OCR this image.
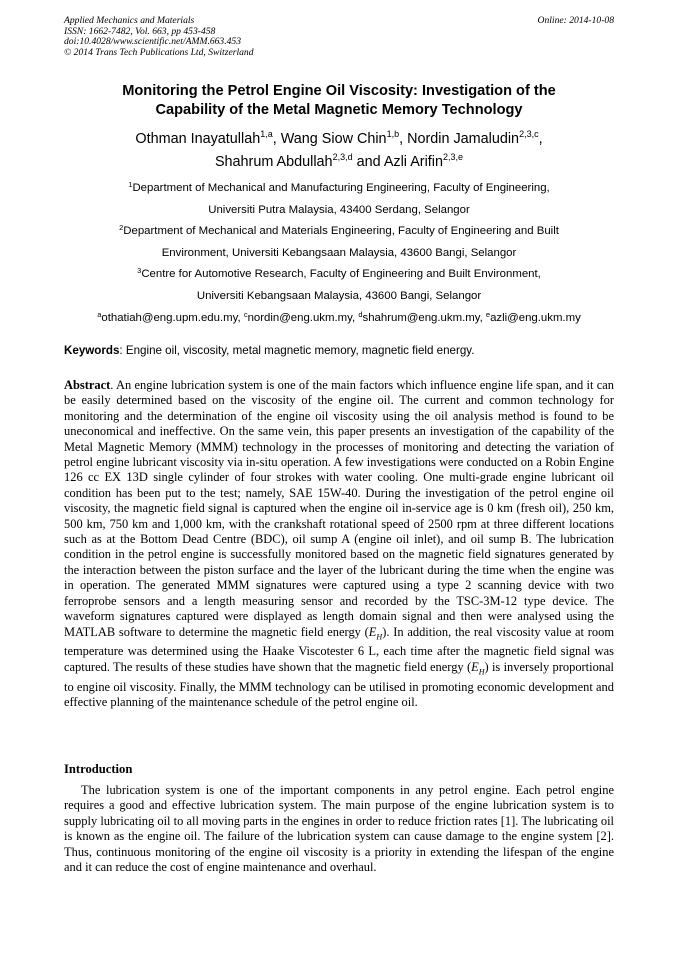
Applied Mechanics and Materials
ISSN: 1662-7482, Vol. 663, pp 453-458
doi:10.4028/www.scientific.net/AMM.663.453
© 2014 Trans Tech Publications Ltd, Switzerland
Online: 2014-10-08
Monitoring the Petrol Engine Oil Viscosity: Investigation of the
Capability of the Metal Magnetic Memory Technology
Othman Inayatullah$^{1,a}$, Wang Siow Chin$^{1,b}$, Nordin Jamaludin$^{2,3,c}$,
Shahrum Abdullah$^{2,3,d}$ and Azli Arifin$^{2,3,e}$
$^1$Department of Mechanical and Manufacturing Engineering, Faculty of Engineering,
Universiti Putra Malaysia, 43400 Serdang, Selangor
$^2$Department of Mechanical and Materials Engineering, Faculty of Engineering and Built
Environment, Universiti Kebangsaan Malaysia, 43600 Bangi, Selangor
$^3$Centre for Automotive Research, Faculty of Engineering and Built Environment,
Universiti Kebangsaan Malaysia, 43600 Bangi, Selangor
$^a$othatiah@eng.upm.edu.my, $^c$nordin@eng.ukm.my, $^d$shahrum@eng.ukm.my, $^e$azli@eng.ukm.my
Keywords: Engine oil, viscosity, metal magnetic memory, magnetic field energy.
Abstract. An engine lubrication system is one of the main factors which influence engine life span, and it can be easily determined based on the viscosity of the engine oil. The current and common technology for monitoring and the determination of the engine oil viscosity using the oil analysis method is found to be uneconomical and ineffective. On the same vein, this paper presents an investigation of the capability of the Metal Magnetic Memory (MMM) technology in the processes of monitoring and detecting the variation of petrol engine lubricant viscosity via in-situ operation. A few investigations were conducted on a Robin Engine 126 cc EX 13D single cylinder of four strokes with water cooling. One multi-grade engine lubricant oil condition has been put to the test; namely, SAE 15W-40. During the investigation of the petrol engine oil viscosity, the magnetic field signal is captured when the engine oil in-service age is 0 km (fresh oil), 250 km, 500 km, 750 km and 1,000 km, with the crankshaft rotational speed of 2500 rpm at three different locations such as at the Bottom Dead Centre (BDC), oil sump A (engine oil inlet), and oil sump B. The lubrication condition in the petrol engine is successfully monitored based on the magnetic field signatures generated by the interaction between the piston surface and the layer of the lubricant during the time when the engine was in operation. The generated MMM signatures were captured using a type 2 scanning device with two ferroprobe sensors and a length measuring sensor and recorded by the TSC-3M-12 type device. The waveform signatures captured were displayed as length domain signal and then were analysed using the MATLAB software to determine the magnetic field energy $(E_H)$. In addition, the real viscosity value at room temperature was determined using the Haake Viscotester 6 L, each time after the magnetic field signal was captured. The results of these studies have shown that the magnetic field energy $(E_H)$ is inversely proportional to engine oil viscosity. Finally, the MMM technology can be utilised in promoting economic development and effective planning of the maintenance schedule of the petrol engine oil.
Introduction
The lubrication system is one of the important components in any petrol engine. Each petrol engine requires a good and effective lubrication system. The main purpose of the engine lubrication system is to supply lubricating oil to all moving parts in the engines in order to reduce friction rates [1]. The lubricating oil is known as the engine oil. The failure of the lubrication system can cause damage to the engine system [2]. Thus, continuous monitoring of the engine oil viscosity is a priority in extending the lifespan of the engine and it can reduce the cost of engine maintenance and overhaul.
